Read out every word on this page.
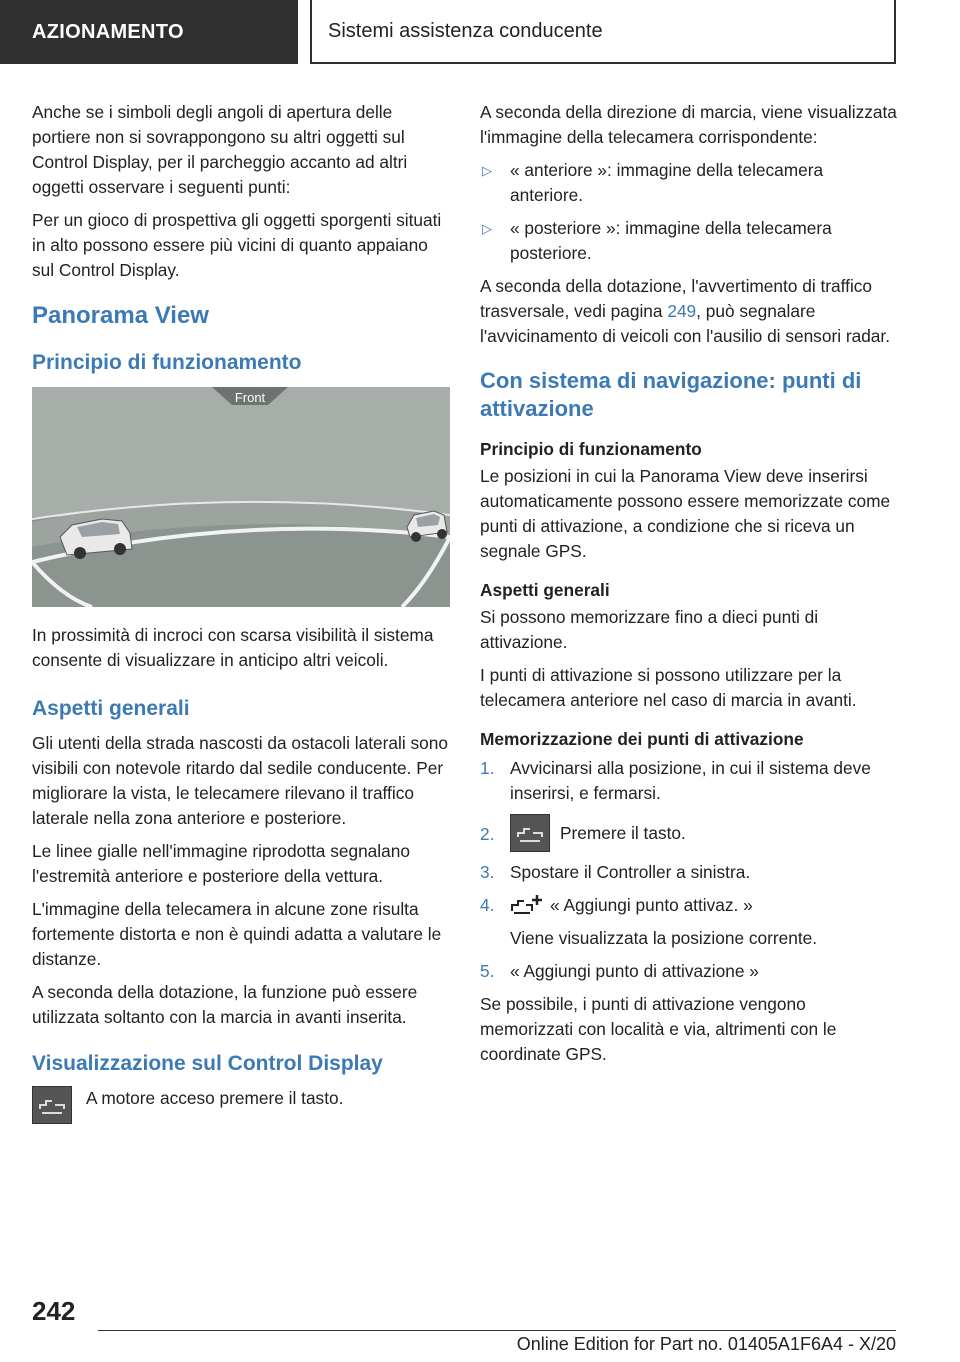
AZIONAMENTO	Sistemi assistenza conducente

Anche se i simboli degli angoli di apertura delle portiere non si sovrappongono su altri oggetti sul Control Display, per il parcheggio accanto ad altri oggetti osservare i seguenti punti:

Per un gioco di prospettiva gli oggetti sporgenti situati in alto possono essere più vicini di quanto appaiano sul Control Display.

Panorama View
Principio di funzionamento
Front

In prossimità di incroci con scarsa visibilità il sistema consente di visualizzare in anticipo altri veicoli.

Aspetti generali

Gli utenti della strada nascosti da ostacoli laterali sono visibili con notevole ritardo dal sedile conducente. Per migliorare la vista, le telecamere rilevano il traffico laterale nella zona anteriore e posteriore.

Le linee gialle nell'immagine riprodotta segnalano l'estremità anteriore e posteriore della vettura.

L'immagine della telecamera in alcune zone risulta fortemente distorta e non è quindi adatta a valutare le distanze.

A seconda della dotazione, la funzione può essere utilizzata soltanto con la marcia in avanti inserita.

Visualizzazione sul Control Display
A motore acceso premere il tasto.

A seconda della direzione di marcia, viene visualizzata l'immagine della telecamera corrispondente:

▷ « anteriore »: immagine della telecamera anteriore.
▷ « posteriore »: immagine della telecamera posteriore.

A seconda della dotazione, l'avvertimento di traffico trasversale, vedi pagina 249, può segnalare l'avvicinamento di veicoli con l'ausilio di sensori radar.

Con sistema di navigazione: punti di attivazione
Principio di funzionamento

Le posizioni in cui la Panorama View deve inserirsi automaticamente possono essere memorizzate come punti di attivazione, a condizione che si riceva un segnale GPS.

Aspetti generali

Si possono memorizzare fino a dieci punti di attivazione.

I punti di attivazione si possono utilizzare per la telecamera anteriore nel caso di marcia in avanti.

Memorizzazione dei punti di attivazione
1. Avvicinarsi alla posizione, in cui il sistema deve inserirsi, e fermarsi.
2.	Premere il tasto.
3. Spostare il Controller a sinistra.
4.	« Aggiungi punto attivaz. »

Viene visualizzata la posizione corrente.

5. « Aggiungi punto di attivazione »

Se possibile, i punti di attivazione vengono memorizzati con località e via, altrimenti con le coordinate GPS.

242
Online Edition for Part no. 01405A1F6A4 - X/20
